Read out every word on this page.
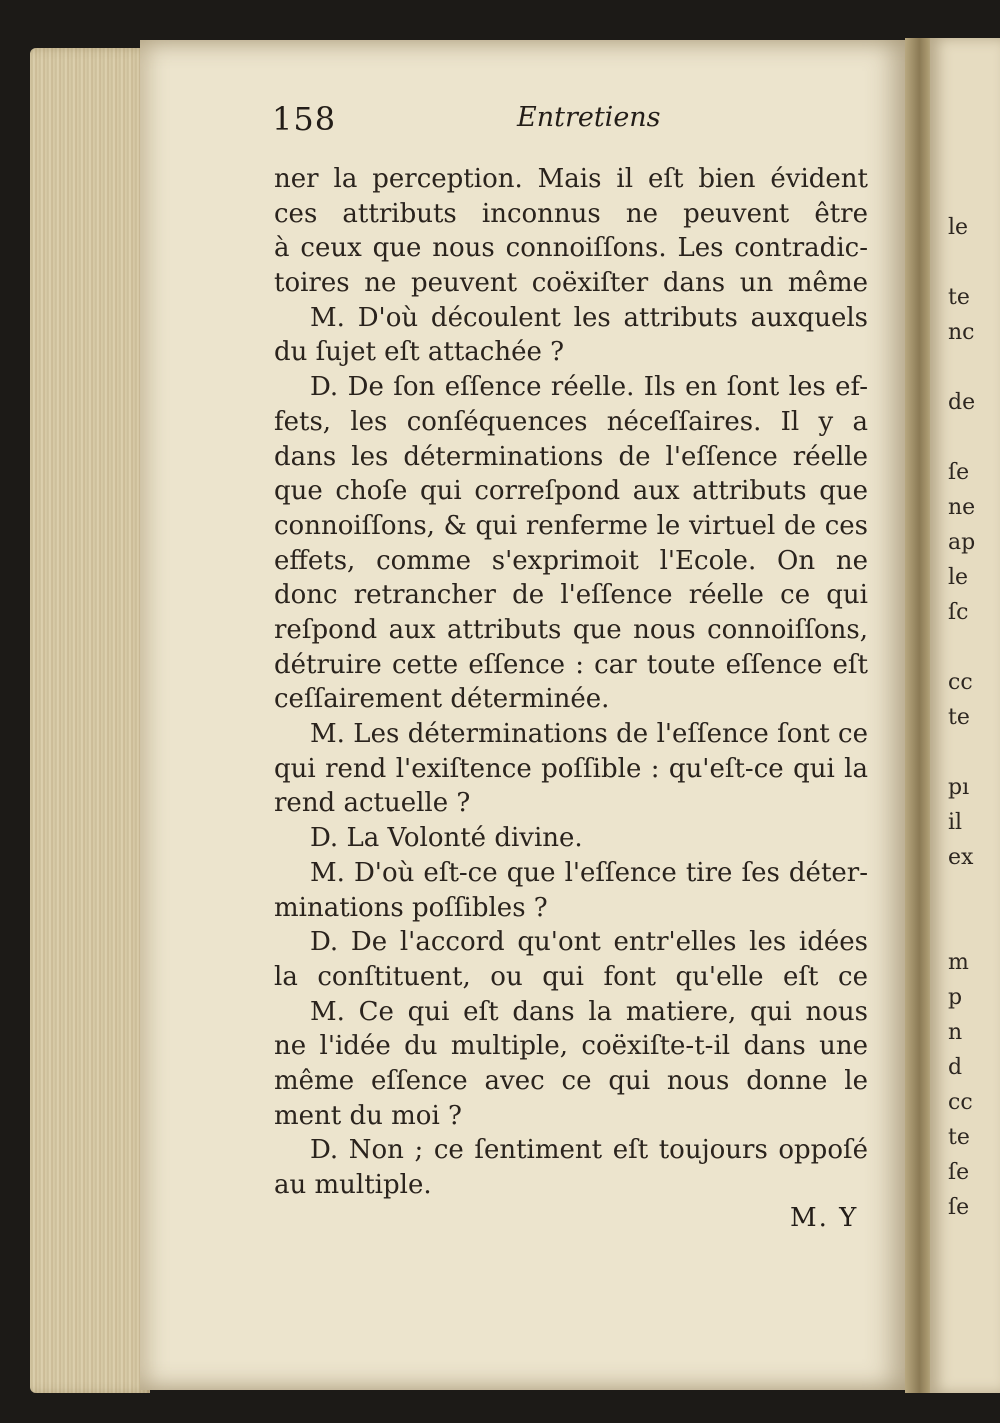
le
te
nc
de
ſe
ne
ap
le
ſc
cc
te
pı
il
ex
m
p
n
d
cc
te
ſe
ſe
158	Entretiens
ner la perception. Mais il eſt bien évident
ces attributs inconnus ne peuvent être
à ceux que nous connoiſſons. Les contradic-
toires ne peuvent coëxiſter dans un même
M. D'où découlent les attributs auxquels
du ſujet eſt attachée ?
D. De ſon eſſence réelle. Ils en ſont les ef-
fets, les conſéquences néceſſaires. Il y a
dans les déterminations de l'eſſence réelle
que choſe qui correſpond aux attributs que
connoiſſons, & qui renferme le virtuel de ces
effets, comme s'exprimoit l'Ecole. On ne
donc retrancher de l'eſſence réelle ce qui
reſpond aux attributs que nous connoiſſons,
détruire cette eſſence : car toute eſſence eſt
ceſſairement déterminée.
M. Les déterminations de l'eſſence ſont ce
qui rend l'exiſtence poſſible : qu'eſt-ce qui la
rend actuelle ?
D. La Volonté divine.
M. D'où eſt-ce que l'eſſence tire ſes déter-
minations poſſibles ?
D. De l'accord qu'ont entr'elles les idées
la conſtituent, ou qui font qu'elle eſt ce
M. Ce qui eſt dans la matiere, qui nous
ne l'idée du multiple, coëxiſte-t-il dans une
même eſſence avec ce qui nous donne le
ment du moi ?
D. Non ; ce ſentiment eſt toujours oppoſé
au multiple.
M. Y
